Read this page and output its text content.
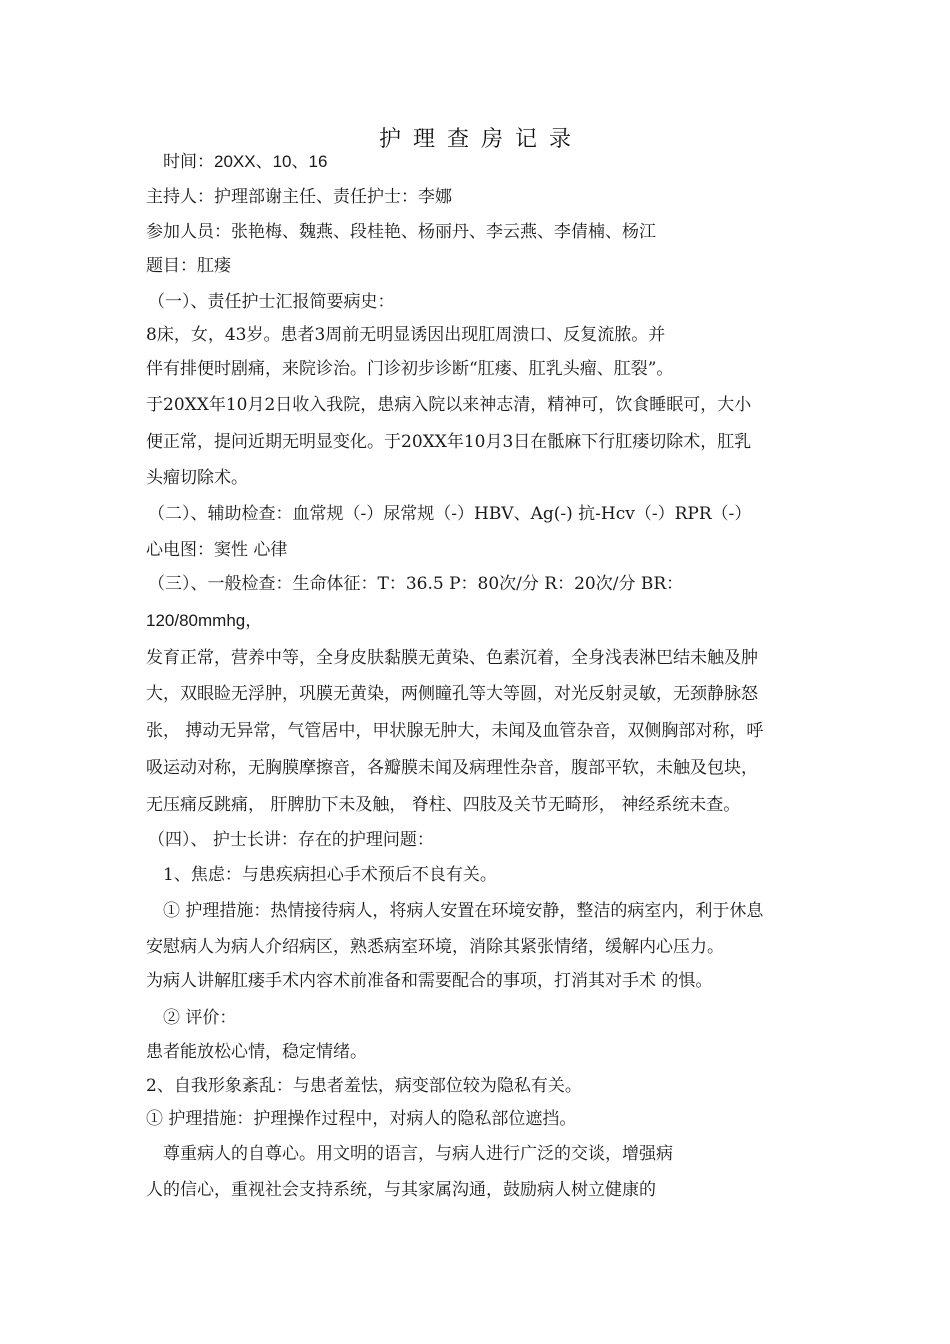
护理查房记录
时间：20XX、10、16
主持人：护理部谢主任、责任护士：李娜
参加人员：张艳梅、魏燕、段桂艳、杨丽丹、李云燕、李倩楠、杨江
题目：肛瘘
（一）、责任护士汇报简要病史：
8床，女，43岁。患者3周前无明显诱因出现肛周溃口、反复流脓。并
伴有排便时剧痛，来院诊治。门诊初步诊断“肛瘘、肛乳头瘤、肛裂”。
于20XX年10月2日收入我院，患病入院以来神志清，精神可，饮食睡眠可，大小
便正常，提问近期无明显变化。于20XX年10月3日在骶麻下行肛瘘切除术，肛乳
头瘤切除术。
（二）、辅助检查：血常规（-）尿常规（-）HBV、Ag(-) 抗-Hcv（-）RPR（-）
心电图：窦性 心律
（三）、一般检查：生命体征：T：36.5 P：80次/分 R：20次/分 BR：
120/80mmhg，
发育正常，营养中等，全身皮肤黏膜无黄染、色素沉着，全身浅表淋巴结未触及肿
大，双眼睑无浮肿，巩膜无黄染，两侧瞳孔等大等圆，对光反射灵敏，无颈静脉怒
张， 搏动无异常，气管居中，甲状腺无肿大，未闻及血管杂音，双侧胸部对称，呼
吸运动对称，无胸膜摩擦音，各瓣膜未闻及病理性杂音，腹部平软，未触及包块，
无压痛反跳痛， 肝脾肋下未及触， 脊柱、四肢及关节无畸形， 神经系统未查。
（四）、 护士长讲：存在的护理问题：
1、焦虑：与患疾病担心手术预后不良有关。
① 护理措施：热情接待病人，将病人安置在环境安静，整洁的病室内，利于休息
安慰病人为病人介绍病区，熟悉病室环境，消除其紧张情绪，缓解内心压力。
为病人讲解肛瘘手术内容术前准备和需要配合的事项，打消其对手术 的惧。
② 评价：
患者能放松心情，稳定情绪。
2、自我形象紊乱：与患者羞怯，病变部位较为隐私有关。
① 护理措施：护理操作过程中，对病人的隐私部位遮挡。
尊重病人的自尊心。用文明的语言，与病人进行广泛的交谈，增强病
人的信心，重视社会支持系统，与其家属沟通，鼓励病人树立健康的
